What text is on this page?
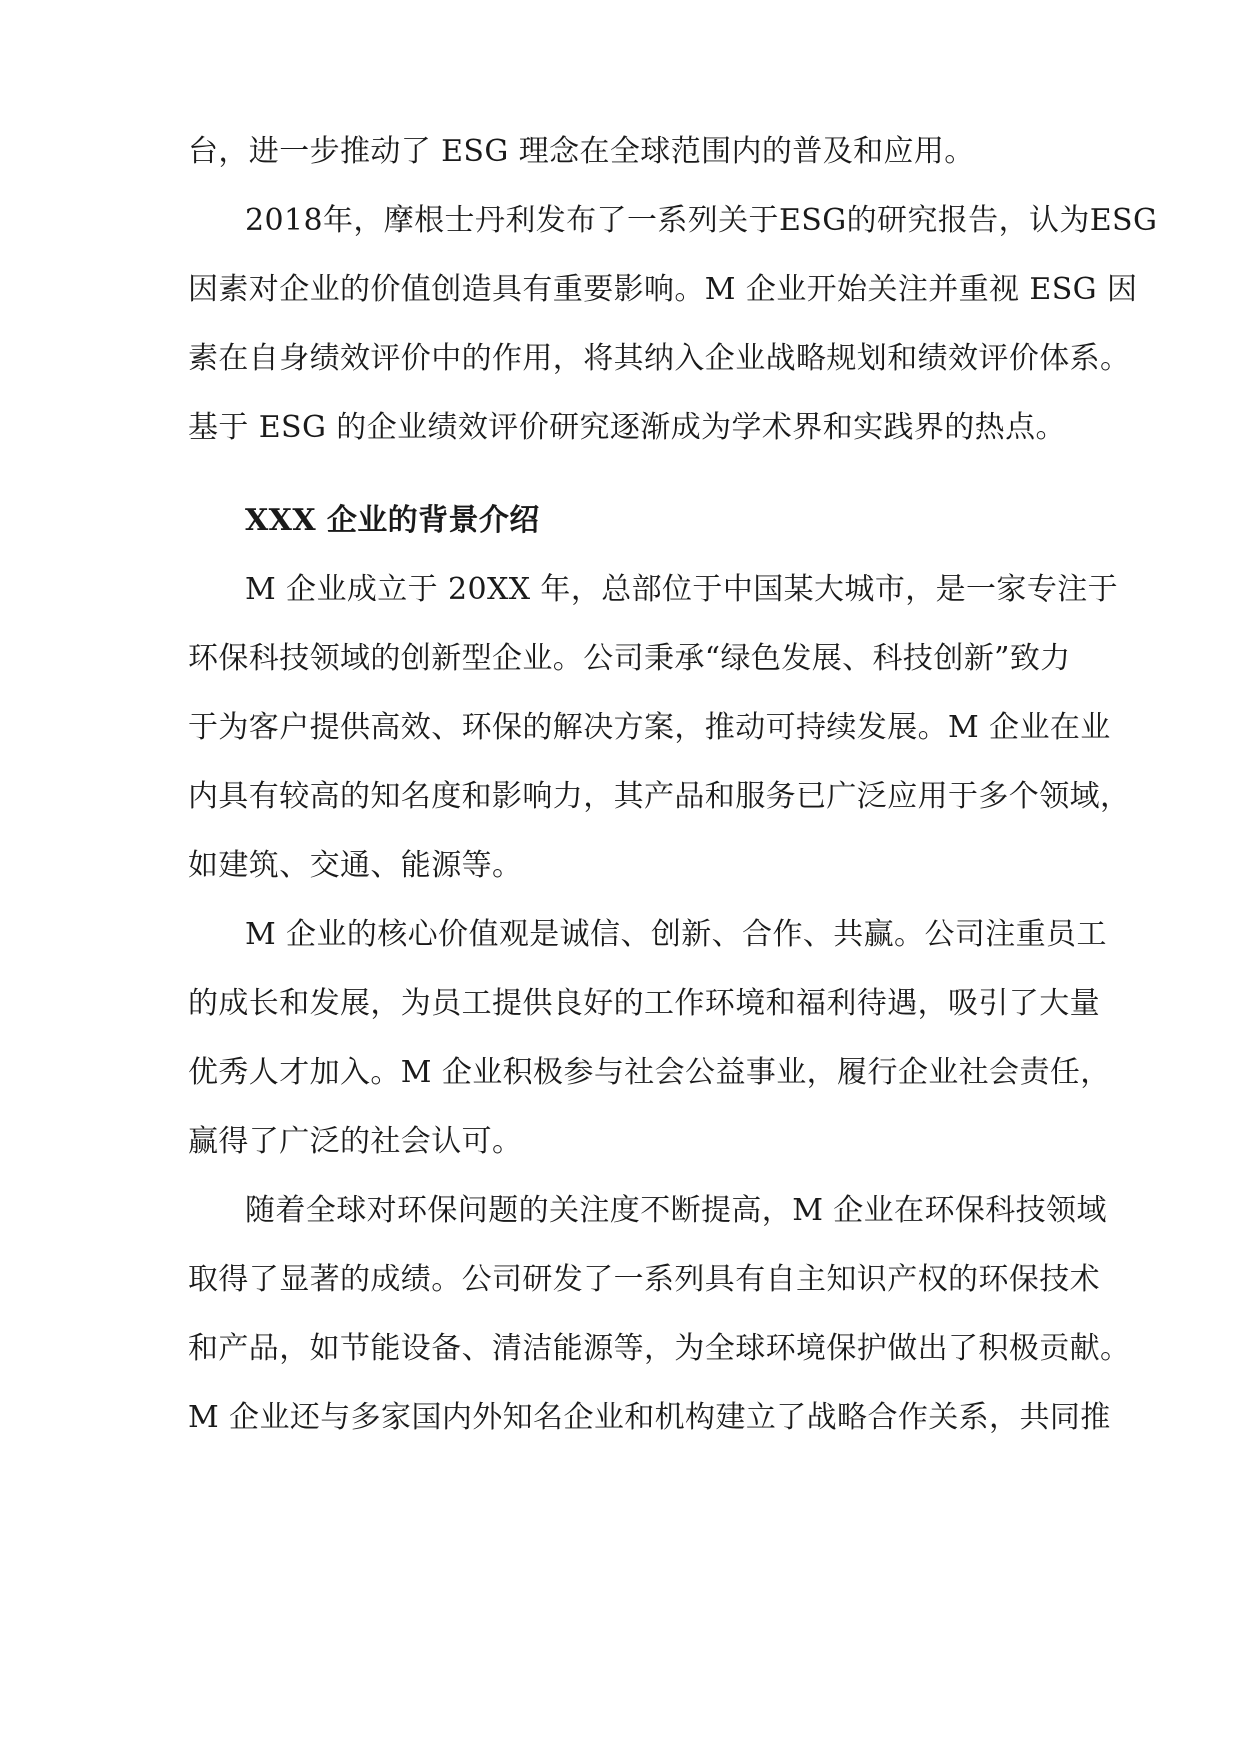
台，进一步推动了 ESG 理念在全球范围内的普及和应用。
2018年，摩根士丹利发布了一系列关于ESG的研究报告，认为ESG
因素对企业的价值创造具有重要影响。M 企业开始关注并重视 ESG 因
素在自身绩效评价中的作用，将其纳入企业战略规划和绩效评价体系。
基于 ESG 的企业绩效评价研究逐渐成为学术界和实践界的热点。
XXX 企业的背景介绍
M 企业成立于 20XX 年，总部位于中国某大城市，是一家专注于
环保科技领域的创新型企业。公司秉承“绿色发展、科技创新”致力
于为客户提供高效、环保的解决方案，推动可持续发展。M 企业在业
内具有较高的知名度和影响力，其产品和服务已广泛应用于多个领域，
如建筑、交通、能源等。
M 企业的核心价值观是诚信、创新、合作、共赢。公司注重员工
的成长和发展，为员工提供良好的工作环境和福利待遇，吸引了大量
优秀人才加入。M 企业积极参与社会公益事业，履行企业社会责任，
赢得了广泛的社会认可。
随着全球对环保问题的关注度不断提高，M 企业在环保科技领域
取得了显著的成绩。公司研发了一系列具有自主知识产权的环保技术
和产品，如节能设备、清洁能源等，为全球环境保护做出了积极贡献。
M 企业还与多家国内外知名企业和机构建立了战略合作关系，共同推
